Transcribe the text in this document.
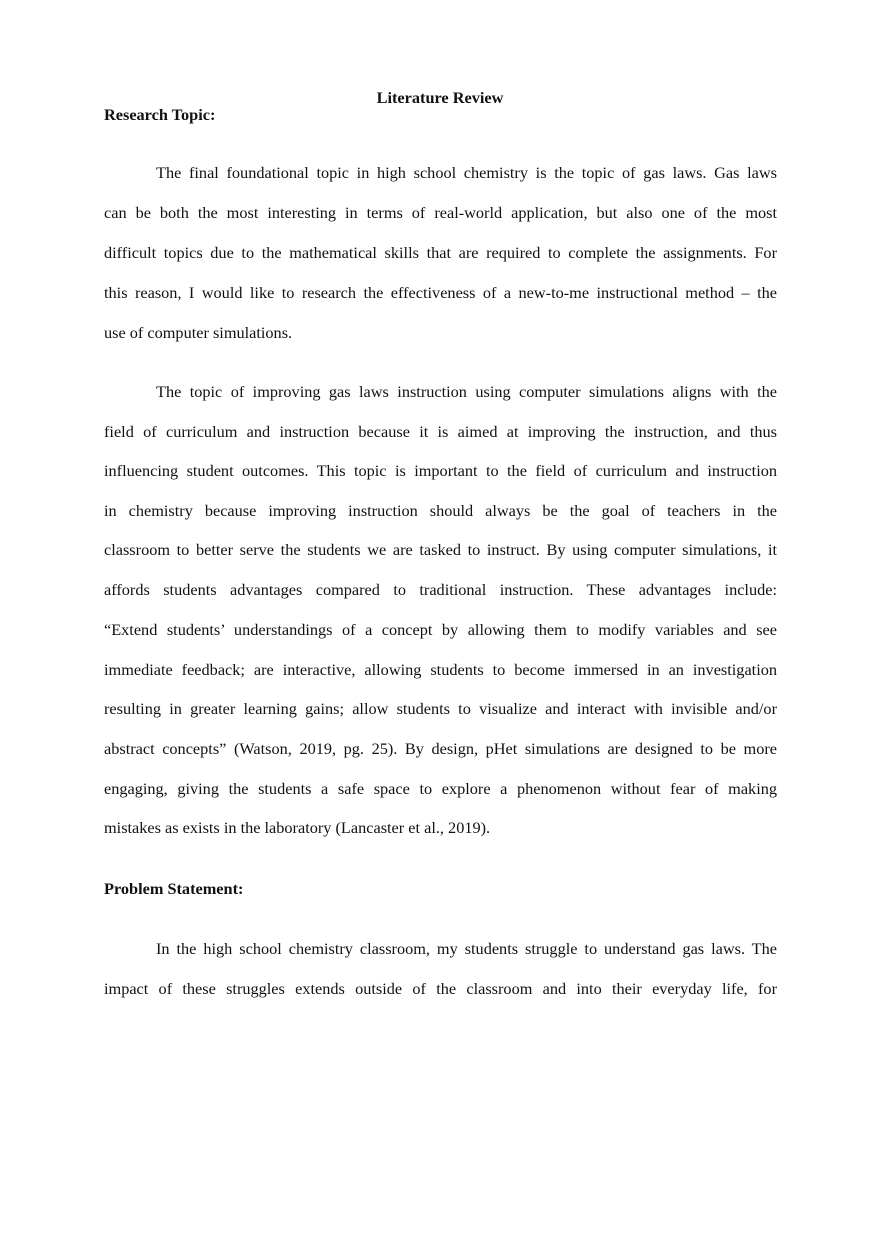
Literature Review
Research Topic:
The final foundational topic in high school chemistry is the topic of gas laws. Gas laws
can be both the most interesting in terms of real-world application, but also one of the most
difficult topics due to the mathematical skills that are required to complete the assignments. For
this reason, I would like to research the effectiveness of a new-to-me instructional method – the
use of computer simulations.
The topic of improving gas laws instruction using computer simulations aligns with the
field of curriculum and instruction because it is aimed at improving the instruction, and thus
influencing student outcomes. This topic is important to the field of curriculum and instruction
in chemistry because improving instruction should always be the goal of teachers in the
classroom to better serve the students we are tasked to instruct. By using computer simulations, it
affords students advantages compared to traditional instruction. These advantages include:
“Extend students’ understandings of a concept by allowing them to modify variables and see
immediate feedback; are interactive, allowing students to become immersed in an investigation
resulting in greater learning gains; allow students to visualize and interact with invisible and/or
abstract concepts” (Watson, 2019, pg. 25). By design, pHet simulations are designed to be more
engaging, giving the students a safe space to explore a phenomenon without fear of making
mistakes as exists in the laboratory (Lancaster et al., 2019).
Problem Statement:
In the high school chemistry classroom, my students struggle to understand gas laws. The
impact of these struggles extends outside of the classroom and into their everyday life, for
